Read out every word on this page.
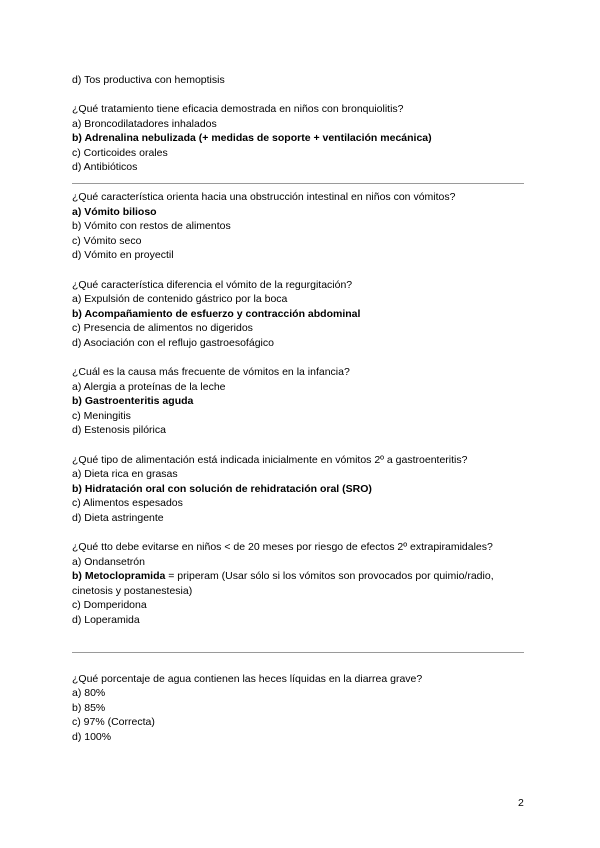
d) Tos productiva con hemoptisis
¿Qué tratamiento tiene eficacia demostrada en niños con bronquiolitis?
a) Broncodilatadores inhalados
b) Adrenalina nebulizada (+ medidas de soporte + ventilación mecánica)
c) Corticoides orales
d) Antibióticos
¿Qué característica orienta hacia una obstrucción intestinal en niños con vómitos?
a) Vómito bilioso
b) Vómito con restos de alimentos
c) Vómito seco
d) Vómito en proyectil
¿Qué característica diferencia el vómito de la regurgitación?
a) Expulsión de contenido gástrico por la boca
b) Acompañamiento de esfuerzo y contracción abdominal
c) Presencia de alimentos no digeridos
d) Asociación con el reflujo gastroesofágico
¿Cuál es la causa más frecuente de vómitos en la infancia?
a) Alergia a proteínas de la leche
b) Gastroenteritis aguda
c) Meningitis
d) Estenosis pilórica
¿Qué tipo de alimentación está indicada inicialmente en vómitos 2º a gastroenteritis?
a) Dieta rica en grasas
b) Hidratación oral con solución de rehidratación oral (SRO)
c) Alimentos espesados
d) Dieta astringente
¿Qué tto debe evitarse en niños < de 20 meses por riesgo de efectos 2º extrapiramidales?
a) Ondansetrón
b) Metoclopramida = priperam (Usar sólo si los vómitos son provocados por quimio/radio,
cinetosis y postanestesia)
c) Domperidona
d) Loperamida
¿Qué porcentaje de agua contienen las heces líquidas en la diarrea grave?
a) 80%
b) 85%
c) 97% (Correcta)
d) 100%
2
